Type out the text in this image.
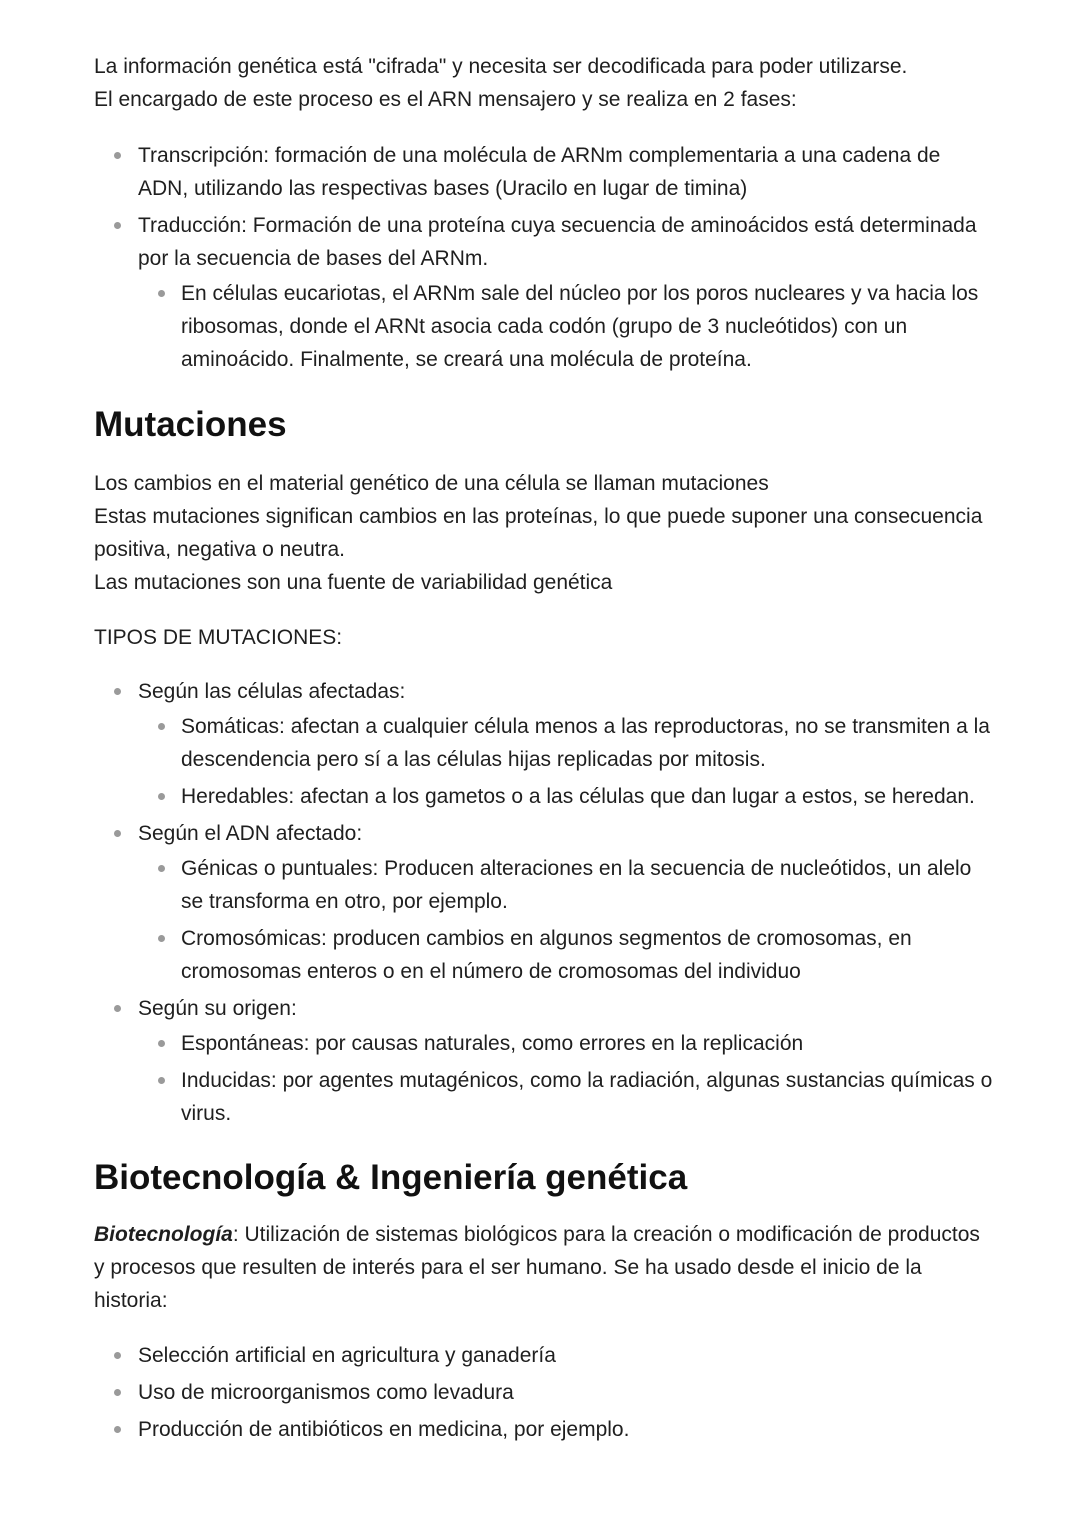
La información genética está "cifrada" y necesita ser decodificada para poder utilizarse.
El encargado de este proceso es el ARN mensajero y se realiza en 2 fases:

Transcripción: formación de una molécula de ARNm complementaria a una cadena de ADN, utilizando las respectivas bases (Uracilo en lugar de timina)
Traducción: Formación de una proteína cuya secuencia de aminoácidos está determinada por la secuencia de bases del ARNm.
En células eucariotas, el ARNm sale del núcleo por los poros nucleares y va hacia los ribosomas, donde el ARNt asocia cada codón (grupo de 3 nucleótidos) con un aminoácido. Finalmente, se creará una molécula de proteína.
Mutaciones

Los cambios en el material genético de una célula se llaman mutaciones
Estas mutaciones significan cambios en las proteínas, lo que puede suponer una consecuencia positiva, negativa o neutra.
Las mutaciones son una fuente de variabilidad genética

TIPOS DE MUTACIONES:

Según las células afectadas:
Somáticas: afectan a cualquier célula menos a las reproductoras, no se transmiten a la descendencia pero sí a las células hijas replicadas por mitosis.
Heredables: afectan a los gametos o a las células que dan lugar a estos, se heredan.
Según el ADN afectado:
Génicas o puntuales: Producen alteraciones en la secuencia de nucleótidos, un alelo se transforma en otro, por ejemplo.
Cromosómicas: producen cambios en algunos segmentos de cromosomas, en cromosomas enteros o en el número de cromosomas del individuo
Según su origen:
Espontáneas: por causas naturales, como errores en la replicación
Inducidas: por agentes mutagénicos, como la radiación, algunas sustancias químicas o virus.
Biotecnología & Ingeniería genética

Biotecnología: Utilización de sistemas biológicos para la creación o modificación de productos y procesos que resulten de interés para el ser humano. Se ha usado desde el inicio de la historia:

Selección artificial en agricultura y ganadería
Uso de microorganismos como levadura
Producción de antibióticos en medicina, por ejemplo.
